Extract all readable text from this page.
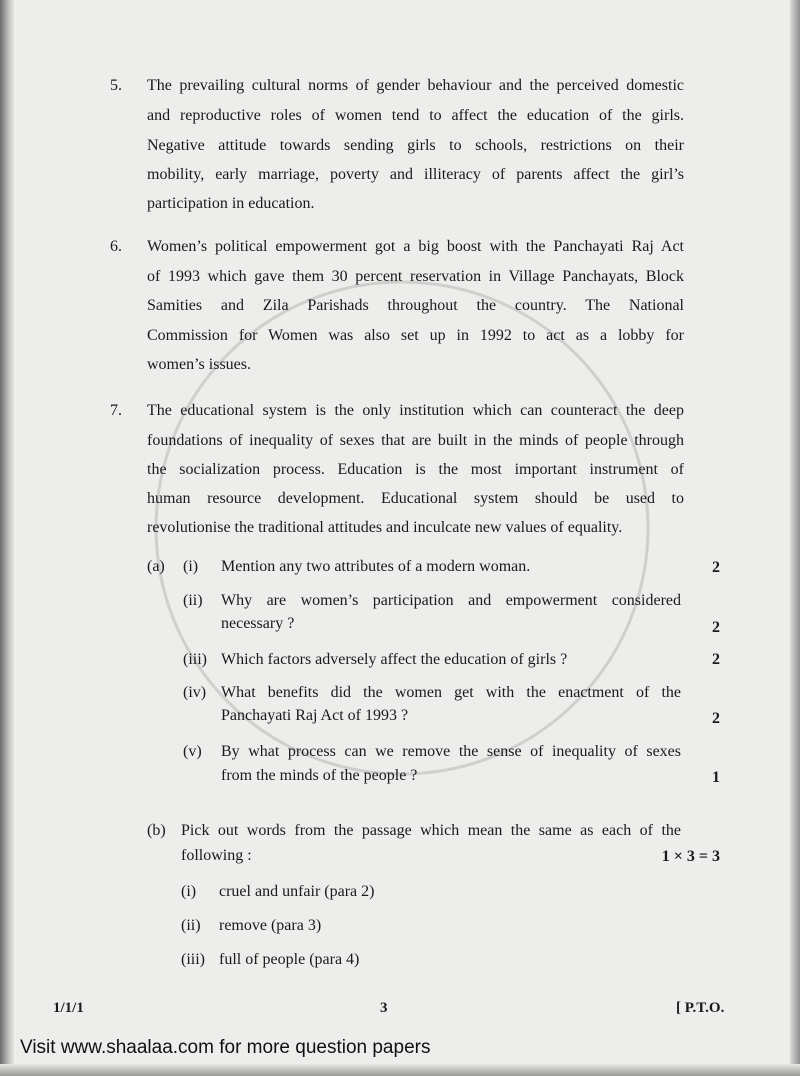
5. The prevailing cultural norms of gender behaviour and the perceived domestic
and reproductive roles of women tend to affect the education of the girls.
Negative attitude towards sending girls to schools, restrictions on their
mobility, early marriage, poverty and illiteracy of parents affect the girl’s
participation in education.
6. Women’s political empowerment got a big boost with the Panchayati Raj Act
of 1993 which gave them 30 percent reservation in Village Panchayats, Block
Samities and Zila Parishads throughout the country. The National
Commission for Women was also set up in 1992 to act as a lobby for
women’s issues.
7. The educational system is the only institution which can counteract the deep
foundations of inequality of sexes that are built in the minds of people through
the socialization process. Education is the most important instrument of
human resource development. Educational system should be used to
revolutionise the traditional attitudes and inculcate new values of equality.
(a) (i) Mention any two attributes of a modern woman.	2
(ii) Why are women’s participation and empowerment considered
necessary ?	2
(iii) Which factors adversely affect the education of girls ?	2
(iv) What benefits did the women get with the enactment of the
Panchayati Raj Act of 1993 ?	2
(v) By what process can we remove the sense of inequality of sexes
from the minds of the people ?	1
(b) Pick out words from the passage which mean the same as each of the
following :	1 × 3 = 3
(i) cruel and unfair (para 2)
(ii) remove (para 3)
(iii) full of people (para 4)
1/1/1	3	[ P.T.O.
Visit www.shaalaa.com for more question papers
